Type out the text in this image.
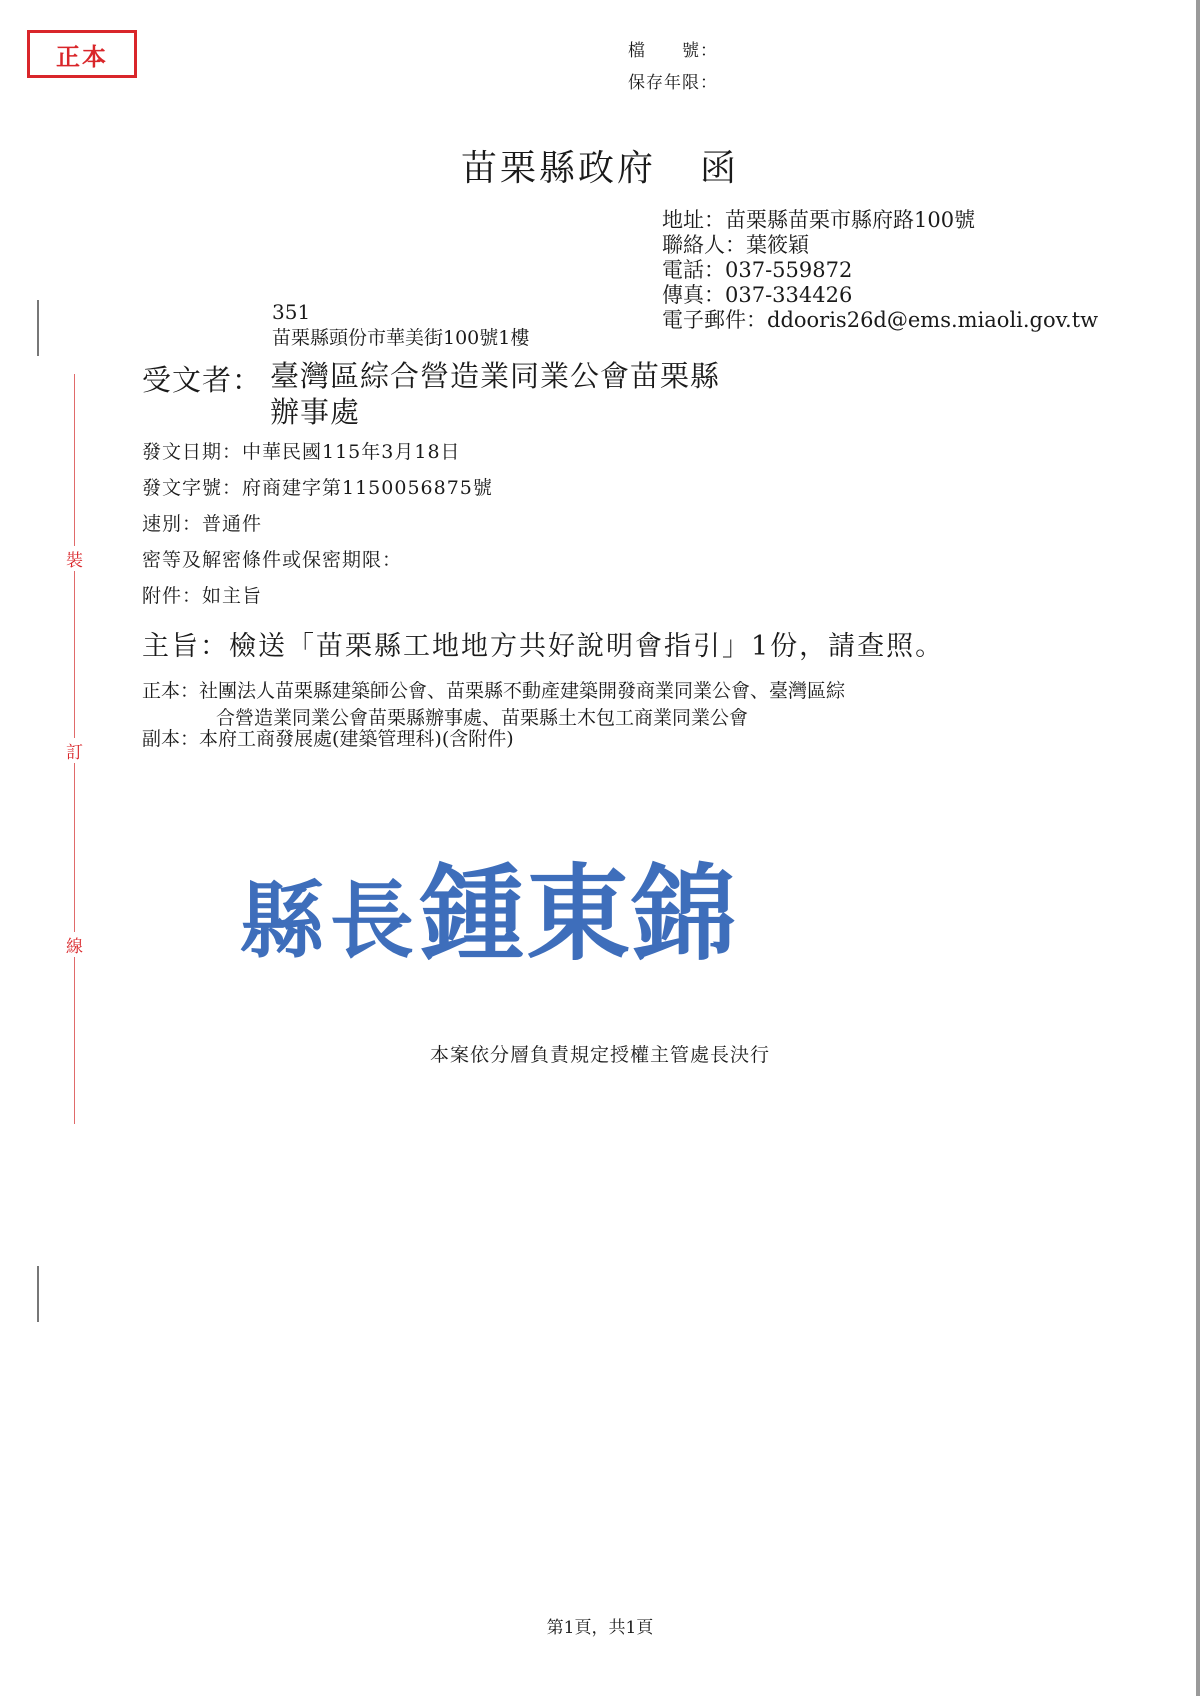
正本	檔　　號：
保存年限：
苗栗縣政府 函
地址：苗栗縣苗栗市縣府路100號
聯絡人：葉筱穎
電話：037-559872
傳真：037-334426
電子郵件：ddooris26d@ems.miaoli.gov.tw
裝
訂
線
351
苗栗縣頭份市華美街100號1樓
受文者： 臺灣區綜合營造業同業公會苗栗縣辦事處
發文日期：中華民國115年3月18日
發文字號：府商建字第1150056875號
速別：普通件
密等及解密條件或保密期限：
附件：如主旨
主旨：檢送「苗栗縣工地地方共好說明會指引」1份，請查照。
正本：社團法人苗栗縣建築師公會、苗栗縣不動產建築開發商業同業公會、臺灣區綜
合營造業同業公會苗栗縣辦事處、苗栗縣土木包工商業同業公會
副本：本府工商發展處(建築管理科)(含附件)
縣長鍾東錦
本案依分層負責規定授權主管處長決行
第1頁，共1頁
